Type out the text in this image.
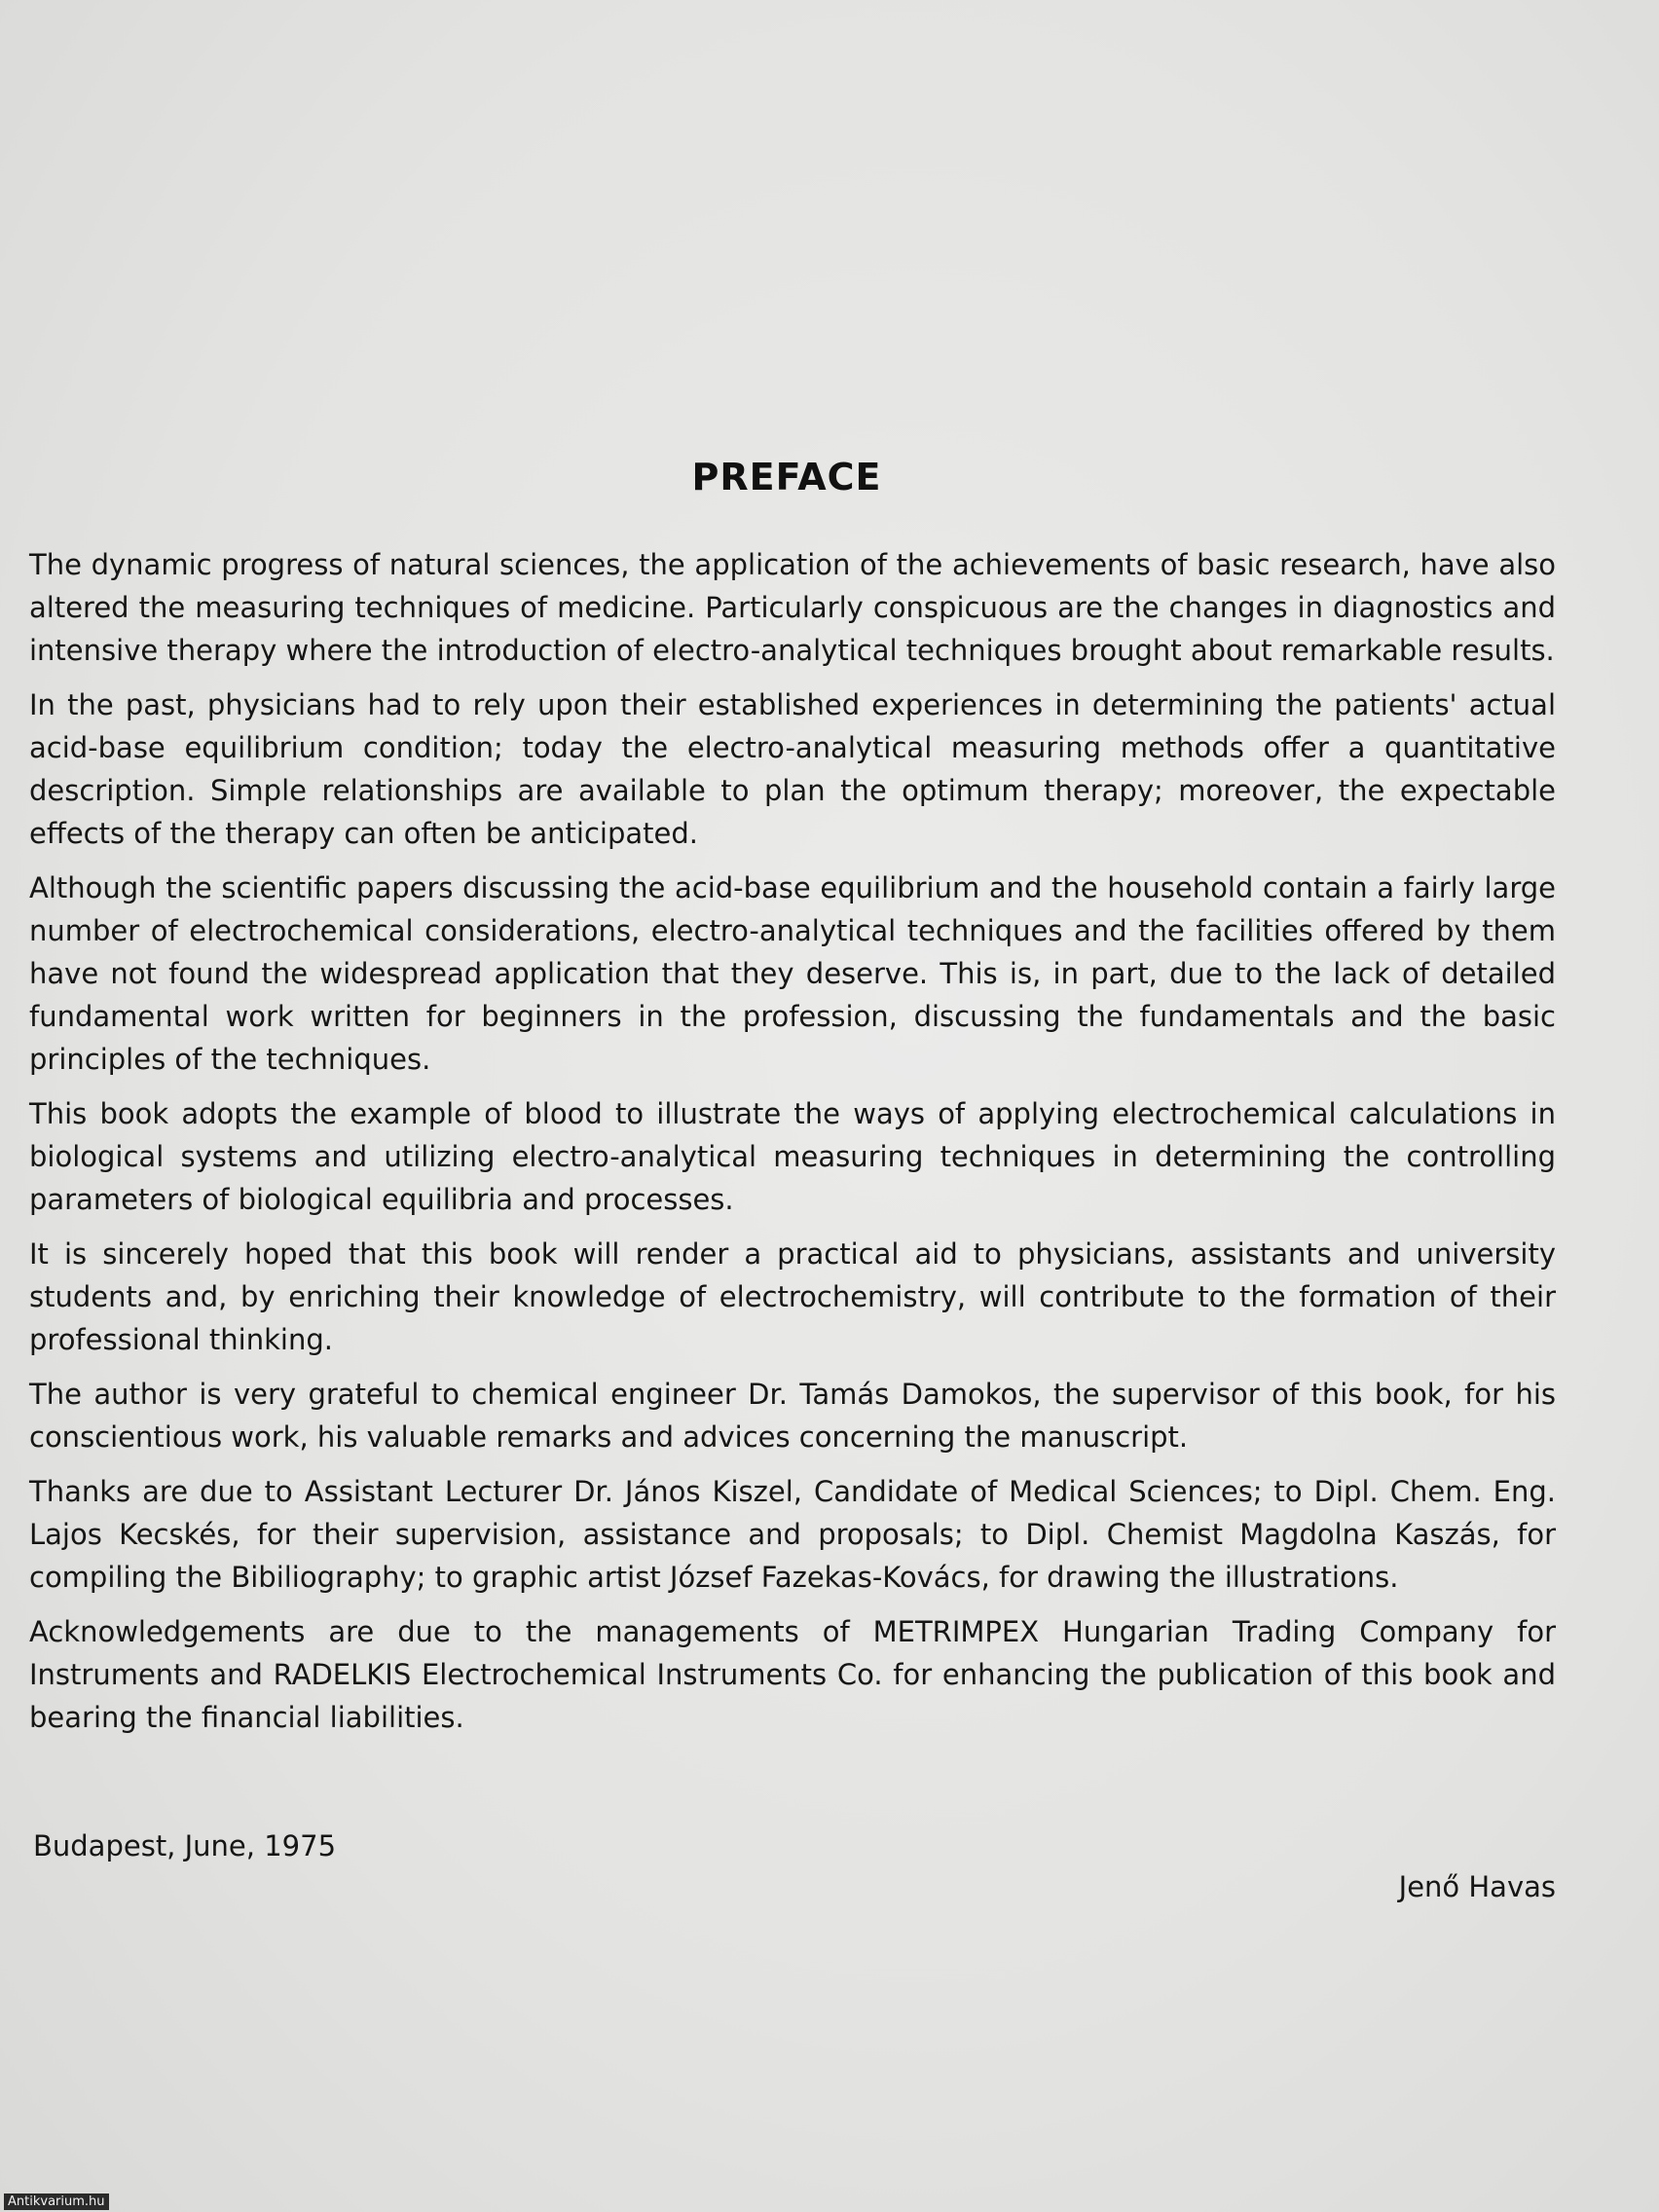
PREFACE

The dynamic progress of natural sciences, the application of the achievements of basic research, have also altered the measuring techniques of medicine. Particularly conspicuous are the changes in diagnostics and intensive therapy where the introduction of electro-analytical techniques brought about remarkable results.

In the past, physicians had to rely upon their established experiences in determining the patients' actual acid-base equilibrium condition; today the electro-analytical measuring methods offer a quantitative description. Simple relationships are available to plan the optimum therapy; moreover, the expectable effects of the therapy can often be anticipated.

Although the scientific papers discussing the acid-base equilibrium and the household contain a fairly large number of electrochemical considerations, electro-analytical techniques and the facilities offered by them have not found the widespread application that they deserve. This is, in part, due to the lack of detailed fundamental work written for beginners in the profession, discussing the fundamentals and the basic principles of the techniques.

This book adopts the example of blood to illustrate the ways of applying electrochemical calculations in biological systems and utilizing electro-analytical measuring techniques in determining the controlling parameters of biological equilibria and processes.

It is sincerely hoped that this book will render a practical aid to physicians, assistants and university students and, by enriching their knowledge of electrochemistry, will contribute to the formation of their professional thinking.

The author is very grateful to chemical engineer Dr. Tamás Damokos, the supervisor of this book, for his conscientious work, his valuable remarks and advices concerning the manuscript.

Thanks are due to Assistant Lecturer Dr. János Kiszel, Candidate of Medical Sciences; to Dipl. Chem. Eng. Lajos Kecskés, for their supervision, assistance and proposals; to Dipl. Chemist Magdolna Kaszás, for compiling the Bibiliography; to graphic artist József Fazekas-Kovács, for drawing the illustrations.

Acknowledgements are due to the managements of METRIMPEX Hungarian Trading Company for Instruments and RADELKIS Electrochemical Instruments Co. for enhancing the publication of this book and bearing the financial liabilities.

Budapest, June, 1975
Jenő Havas
Antikvarium.hu
